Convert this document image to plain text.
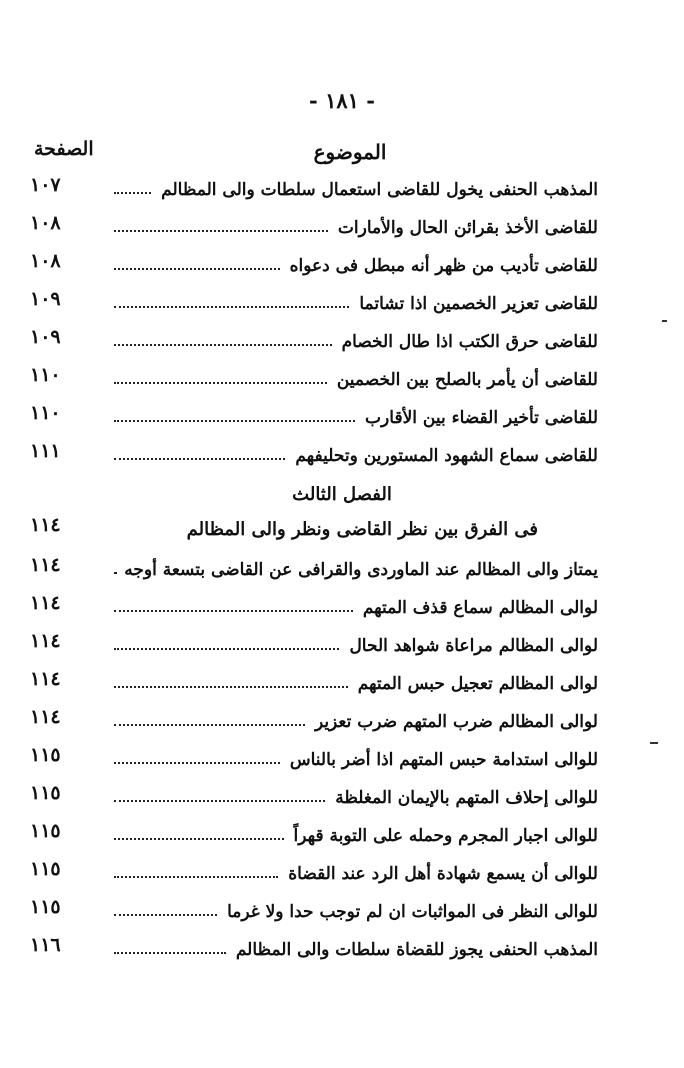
- ١٨١ -
الصفحة	الموضوع
١٠٧	المذهب الحنفى يخول للقاضى استعمال سلطات والى المظالم
١٠٨	للقاضى الأخذ بقرائن الحال والأمارات
١٠٨	للقاضى تأديب من ظهر أنه مبطل فى دعواه
١٠٩	للقاضى تعزير الخصمين اذا تشاتما
١٠٩	للقاضى حرق الكتب اذا طال الخصام
١١٠	للقاضى أن يأمر بالصلح بين الخصمين
١١٠	للقاضى تأخير القضاء بين الأقارب
١١١	للقاضى سماع الشهود المستورين وتحليفهم
الفصل الثالث
١١٤	فى الفرق بين نظر القاضى ونظر والى المظالم
١١٤	يمتاز والى المظالم عند الماوردى والقرافى عن القاضى بتسعة أوجه
١١٤	لوالى المظالم سماع قذف المتهم
١١٤	لوالى المظالم مراعاة شواهد الحال
١١٤	لوالى المظالم تعجيل حبس المتهم
١١٤	لوالى المظالم ضرب المتهم ضرب تعزير
١١٥	للوالى استدامة حبس المتهم اذا أضر بالناس
١١٥	للوالى إحلاف المتهم بالإيمان المغلظة
١١٥	للوالى اجبار المجرم وحمله على التوبة قهراً
١١٥	للوالى أن يسمع شهادة أهل الرد عند القضاة
١١٥	للوالى النظر فى المواثبات ان لم توجب حدا ولا غرما
١١٦	المذهب الحنفى يجوز للقضاة سلطات والى المظالم
